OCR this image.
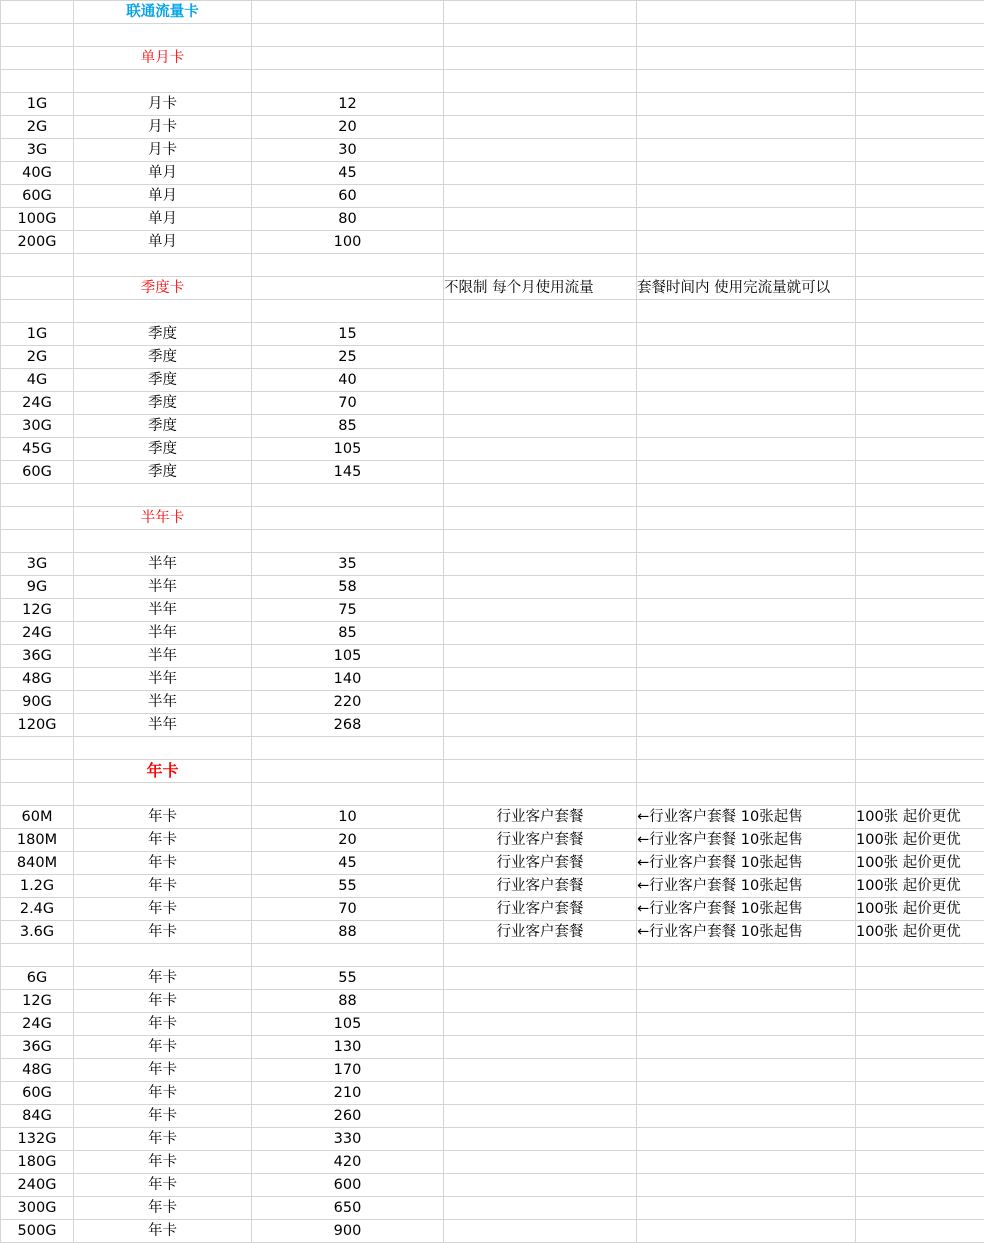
	联通流量卡				

	单月卡				

1G	月卡	12			
2G	月卡	20			
3G	月卡	30			
40G	单月	45			
60G	单月	60			
100G	单月	80			
200G	单月	100			

	季度卡		不限制 每个月使用流量	套餐时间内 使用完流量就可以	

1G	季度	15			
2G	季度	25			
4G	季度	40			
24G	季度	70			
30G	季度	85			
45G	季度	105			
60G	季度	145			

	半年卡				

3G	半年	35			
9G	半年	58			
12G	半年	75			
24G	半年	85			
36G	半年	105			
48G	半年	140			
90G	半年	220			
120G	半年	268			

	年卡				

60M	年卡	10	行业客户套餐	←行业客户套餐 10张起售	100张 起价更优
180M	年卡	20	行业客户套餐	←行业客户套餐 10张起售	100张 起价更优
840M	年卡	45	行业客户套餐	←行业客户套餐 10张起售	100张 起价更优
1.2G	年卡	55	行业客户套餐	←行业客户套餐 10张起售	100张 起价更优
2.4G	年卡	70	行业客户套餐	←行业客户套餐 10张起售	100张 起价更优
3.6G	年卡	88	行业客户套餐	←行业客户套餐 10张起售	100张 起价更优

6G	年卡	55			
12G	年卡	88			
24G	年卡	105			
36G	年卡	130			
48G	年卡	170			
60G	年卡	210			
84G	年卡	260			
132G	年卡	330			
180G	年卡	420			
240G	年卡	600			
300G	年卡	650			
500G	年卡	900			
